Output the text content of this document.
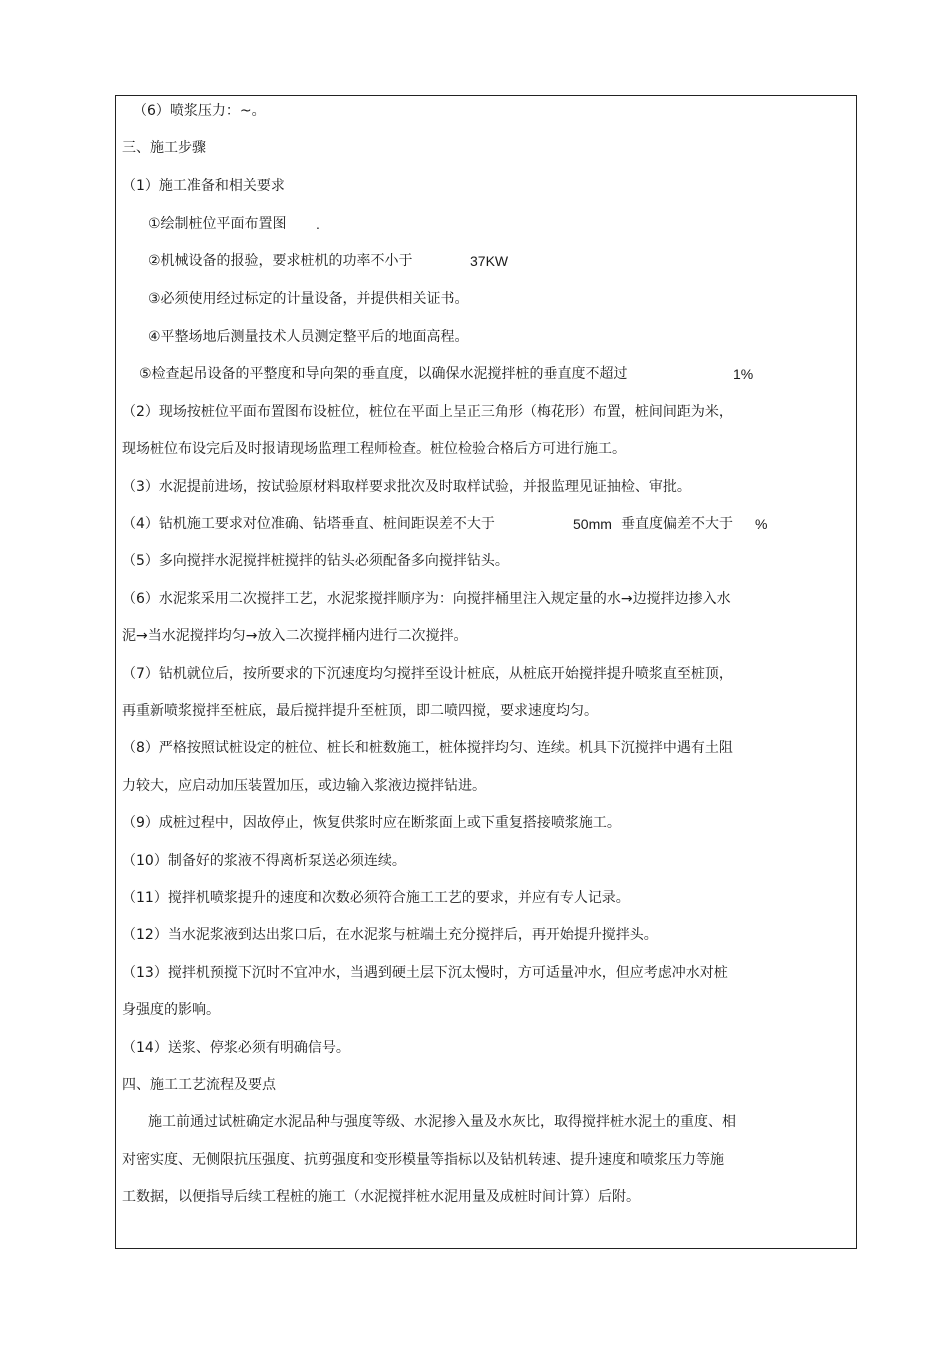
（6）喷浆压力：~。
三、施工步骤
（1）施工准备和相关要求
①绘制桩位平面布置图 .
②机械设备的报验，要求桩机的功率不小于	37KW
③必须使用经过标定的计量设备，并提供相关证书。
④平整场地后测量技术人员测定整平后的地面高程。
⑤检查起吊设备的平整度和导向架的垂直度，以确保水泥搅拌桩的垂直度不超过	1%
（2）现场按桩位平面布置图布设桩位，桩位在平面上呈正三角形（梅花形）布置，桩间间距为米，
现场桩位布设完后及时报请现场监理工程师检查。桩位检验合格后方可进行施工。
（3）水泥提前进场，按试验原材料取样要求批次及时取样试验，并报监理见证抽检、审批。
（4）钻机施工要求对位准确、钻塔垂直、桩间距误差不大于	50mm 垂直度偏差不大于 %
（5）多向搅拌水泥搅拌桩搅拌的钻头必须配备多向搅拌钻头。
（6）水泥浆采用二次搅拌工艺，水泥浆搅拌顺序为：向搅拌桶里注入规定量的水→边搅拌边掺入水
泥→当水泥搅拌均匀→放入二次搅拌桶内进行二次搅拌。
（7）钻机就位后，按所要求的下沉速度均匀搅拌至设计桩底，从桩底开始搅拌提升喷浆直至桩顶，
再重新喷浆搅拌至桩底，最后搅拌提升至桩顶，即二喷四搅，要求速度均匀。
（8）严格按照试桩设定的桩位、桩长和桩数施工，桩体搅拌均匀、连续。机具下沉搅拌中遇有土阻
力较大，应启动加压装置加压，或边输入浆液边搅拌钻进。
（9）成桩过程中，因故停止，恢复供浆时应在断浆面上或下重复搭接喷浆施工。
（10）制备好的浆液不得离析泵送必须连续。
（11）搅拌机喷浆提升的速度和次数必须符合施工工艺的要求，并应有专人记录。
（12）当水泥浆液到达出浆口后，在水泥浆与桩端土充分搅拌后，再开始提升搅拌头。
（13）搅拌机预搅下沉时不宜冲水，当遇到硬土层下沉太慢时，方可适量冲水，但应考虑冲水对桩
身强度的影响。
（14）送浆、停浆必须有明确信号。
四、施工工艺流程及要点
施工前通过试桩确定水泥品种与强度等级、水泥掺入量及水灰比，取得搅拌桩水泥土的重度、相
对密实度、无侧限抗压强度、抗剪强度和变形模量等指标以及钻机转速、提升速度和喷浆压力等施
工数据，以便指导后续工程桩的施工（水泥搅拌桩水泥用量及成桩时间计算）后附。
